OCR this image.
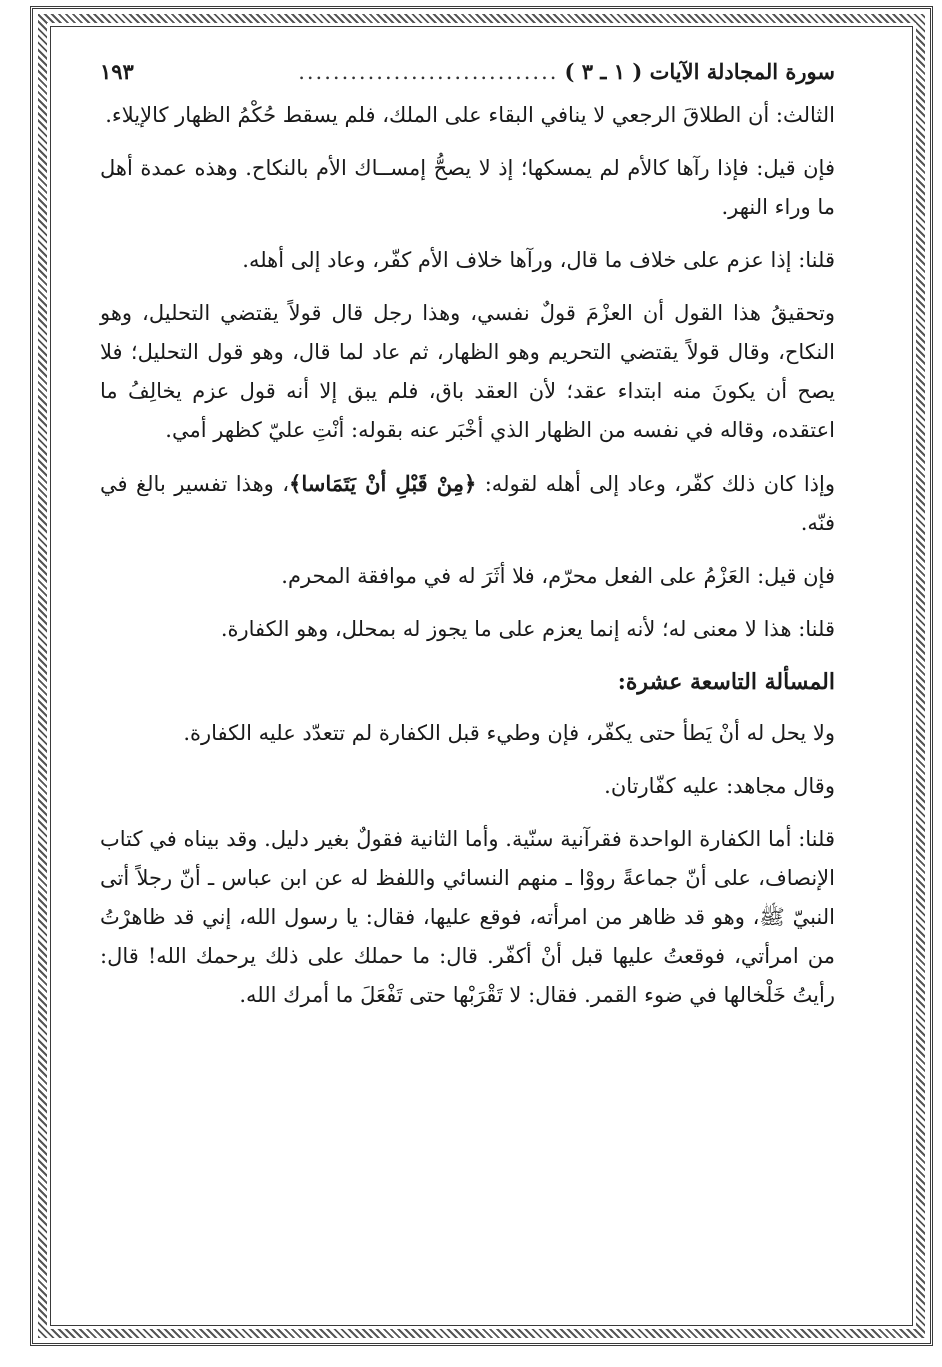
سورة المجادلة الآيات ( ١ ـ ٣ )
..............................
١٩٣

الثالث: أن الطلاقَ الرجعي لا ينافي البقاء على الملك، فلم يسقط حُكْمُ الظهار كالإيلاء.

فإن قيل: فإذا رآها كالأم لم يمسكها؛ إذ لا يصحُّ إمســاك الأم بالنكاح. وهذه عمدة أهل ما وراء النهر.

قلنا: إذا عزم على خلاف ما قال، ورآها خلاف الأم كفّر، وعاد إلى أهله.

وتحقيقُ هذا القول أن العزْمَ قولٌ نفسي، وهذا رجل قال قولاً يقتضي التحليل، وهو النكاح، وقال قولاً يقتضي التحريم وهو الظهار، ثم عاد لما قال، وهو قول التحليل؛ فلا يصح أن يكونَ منه ابتداء عقد؛ لأن العقد باق، فلم يبق إلا أنه قول عزم يخالِفُ ما اعتقده، وقاله في نفسه من الظهار الذي أخْبَر عنه بقوله: أنْتِ عليّ كظهر أمي.

وإذا كان ذلك كفّر، وعاد إلى أهله لقوله: ﴿مِنْ قَبْلِ أنْ يَتَمَاسا﴾، وهذا تفسير بالغ في فنّه.

فإن قيل: العَزْمُ على الفعل محرّم، فلا أثَرَ له في موافقة المحرم.

قلنا: هذا لا معنى له؛ لأنه إنما يعزم على ما يجوز له بمحلل، وهو الكفارة.

المسألة التاسعة عشرة:

ولا يحل له أنْ يَطأ حتى يكفّر، فإن وطيء قبل الكفارة لم تتعدّد عليه الكفارة.

وقال مجاهد: عليه كفّارتان.

قلنا: أما الكفارة الواحدة فقرآنية سنّية. وأما الثانية فقولٌ بغير دليل. وقد بيناه في كتاب الإنصاف، على أنّ جماعةً رووْا ـ منهم النسائي واللفظ له عن ابن عباس ـ أنّ رجلاً أتى النبيّ ﷺ، وهو قد ظاهر من امرأته، فوقع عليها، فقال: يا رسول الله، إني قد ظاهرْتُ من امرأتي، فوقعتُ عليها قبل أنْ أكفّر. قال: ما حملك على ذلك يرحمك الله! قال: رأيتُ خَلْخالها في ضوء القمر. فقال: لا تَقْرَبْها حتى تَفْعَلَ ما أمرك الله.
